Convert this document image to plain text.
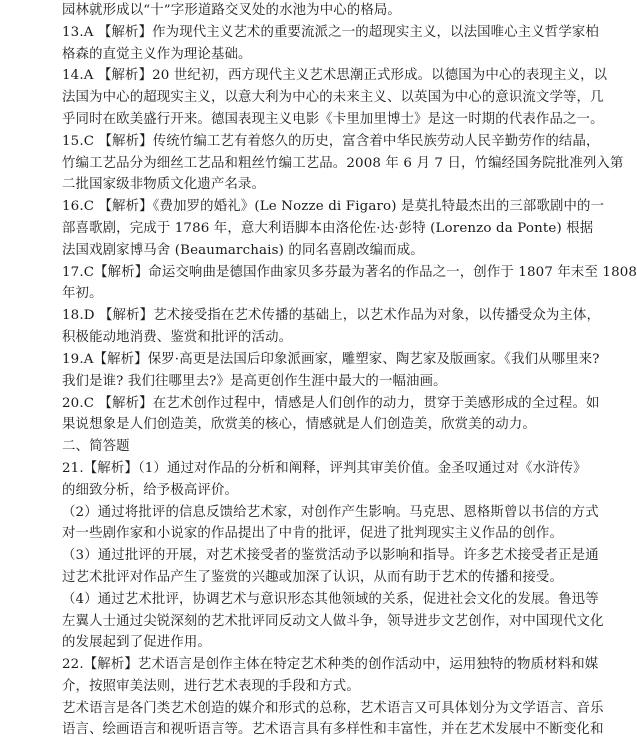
园林就形成以“十”字形道路交叉处的水池为中心的格局。
13.A 【解析】作为现代主义艺术的重要流派之一的超现实主义，以法国唯心主义哲学家柏
格森的直觉主义作为理论基础。
14.A 【解析】20 世纪初，西方现代主义艺术思潮正式形成。以德国为中心的表现主义，以
法国为中心的超现实主义，以意大利为中心的未来主义、以英国为中心的意识流文学等，几
乎同时在欧美盛行开来。德国表现主义电影《卡里加里博士》是这一时期的代表作品之一。
15.C 【解析】传统竹编工艺有着悠久的历史，富含着中华民族劳动人民辛勤劳作的结晶，
竹编工艺品分为细丝工艺品和粗丝竹编工艺品。2008 年 6 月 7 日，竹编经国务院批准列入第
二批国家级非物质文化遗产名录。
16.C 【解析】《费加罗的婚礼》(Le Nozze di Figaro) 是莫扎特最杰出的三部歌剧中的一
部喜歌剧，完成于 1786 年，意大利语脚本由洛伦佐·达·彭特 (Lorenzo da Ponte) 根据
法国戏剧家博马舍 (Beaumarchais) 的同名喜剧改编而成。
17.C【解析】命运交响曲是德国作曲家贝多芬最为著名的作品之一，创作于 1807 年末至 1808
年初。
18.D 【解析】艺术接受指在艺术传播的基础上，以艺术作品为对象，以传播受众为主体，
积极能动地消费、鉴赏和批评的活动。
19.A【解析】保罗·高更是法国后印象派画家，雕塑家、陶艺家及版画家。《我们从哪里来?
我们是谁? 我们往哪里去?》是高更创作生涯中最大的一幅油画。
20.C 【解析】在艺术创作过程中，情感是人们创作的动力，贯穿于美感形成的全过程。如
果说想象是人们创造美，欣赏美的核心，情感就是人们创造美，欣赏美的动力。
二、简答题
21.【解析】（1）通过对作品的分析和阐释，评判其审美价值。金圣叹通过对《水浒传》
的细致分析，给予极高评价。
（2）通过将批评的信息反馈给艺术家，对创作产生影响。马克思、恩格斯曾以书信的方式
对一些剧作家和小说家的作品提出了中肯的批评，促进了批判现实主义作品的创作。
（3）通过批评的开展，对艺术接受者的鉴赏活动予以影响和指导。许多艺术接受者正是通
过艺术批评对作品产生了鉴赏的兴趣或加深了认识，从而有助于艺术的传播和接受。
（4）通过艺术批评，协调艺术与意识形态其他领域的关系，促进社会文化的发展。鲁迅等
左翼人士通过尖锐深刻的艺术批评同反动文人做斗争，领导进步文艺创作，对中国现代文化
的发展起到了促进作用。
22.【解析】艺术语言是创作主体在特定艺术种类的创作活动中，运用独特的物质材料和媒
介，按照审美法则，进行艺术表现的手段和方式。
艺术语言是各门类艺术创造的媒介和形式的总称，艺术语言又可具体划分为文学语言、音乐
语言、绘画语言和视听语言等。艺术语言具有多样性和丰富性，并在艺术发展中不断变化和
